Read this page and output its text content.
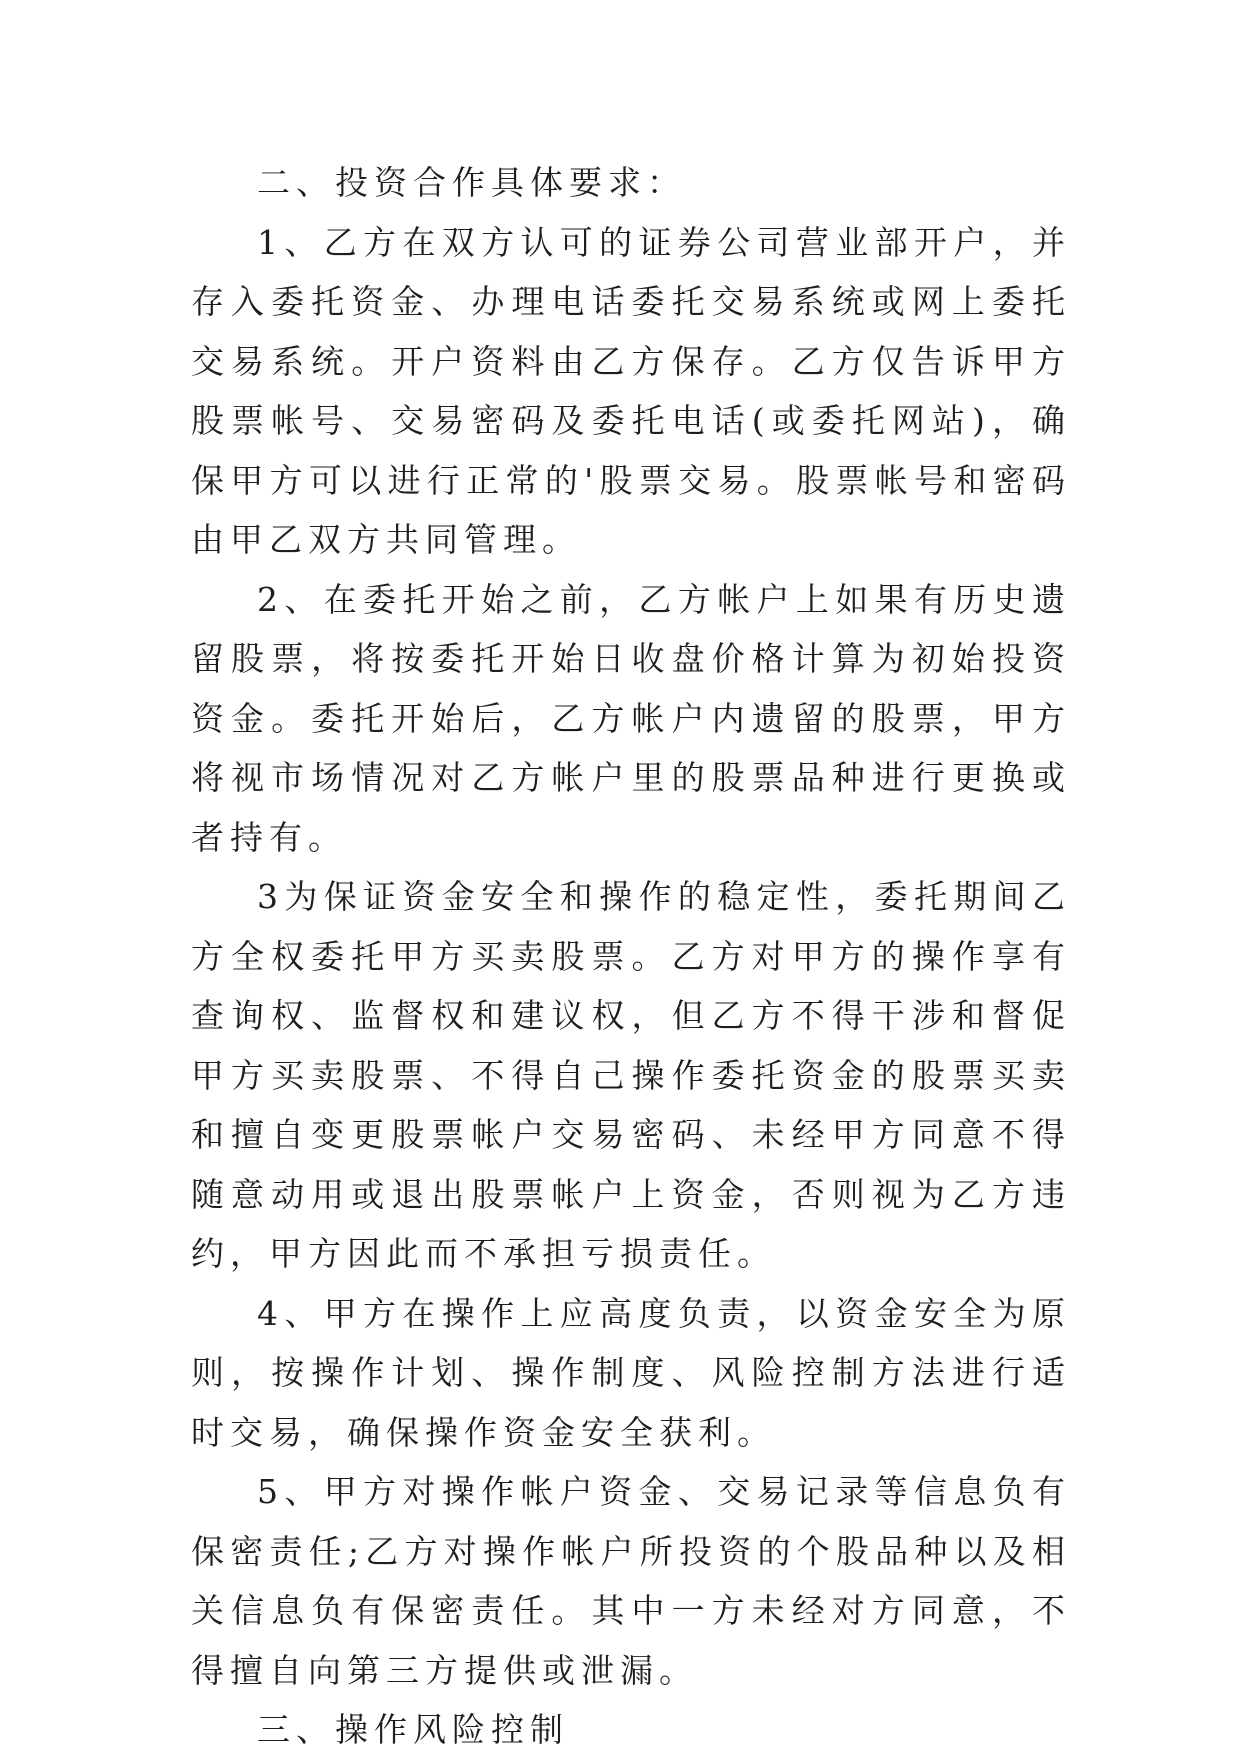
二、投资合作具体要求：

1、乙方在双方认可的证券公司营业部开户，并存入委托资金、办理电话委托交易系统或网上委托交易系统。开户资料由乙方保存。乙方仅告诉甲方股票帐号、交易密码及委托电话(或委托网站)，确保甲方可以进行正常的'股票交易。股票帐号和密码由甲乙双方共同管理。

2、在委托开始之前，乙方帐户上如果有历史遗留股票，将按委托开始日收盘价格计算为初始投资资金。委托开始后，乙方帐户内遗留的股票，甲方将视市场情况对乙方帐户里的股票品种进行更换或者持有。

3为保证资金安全和操作的稳定性，委托期间乙方全权委托甲方买卖股票。乙方对甲方的操作享有查询权、监督权和建议权，但乙方不得干涉和督促甲方买卖股票、不得自己操作委托资金的股票买卖和擅自变更股票帐户交易密码、未经甲方同意不得随意动用或退出股票帐户上资金，否则视为乙方违约，甲方因此而不承担亏损责任。

4、甲方在操作上应高度负责，以资金安全为原则，按操作计划、操作制度、风险控制方法进行适时交易，确保操作资金安全获利。

5、甲方对操作帐户资金、交易记录等信息负有保密责任;乙方对操作帐户所投资的个股品种以及相关信息负有保密责任。其中一方未经对方同意，不得擅自向第三方提供或泄漏。

三、操作风险控制
